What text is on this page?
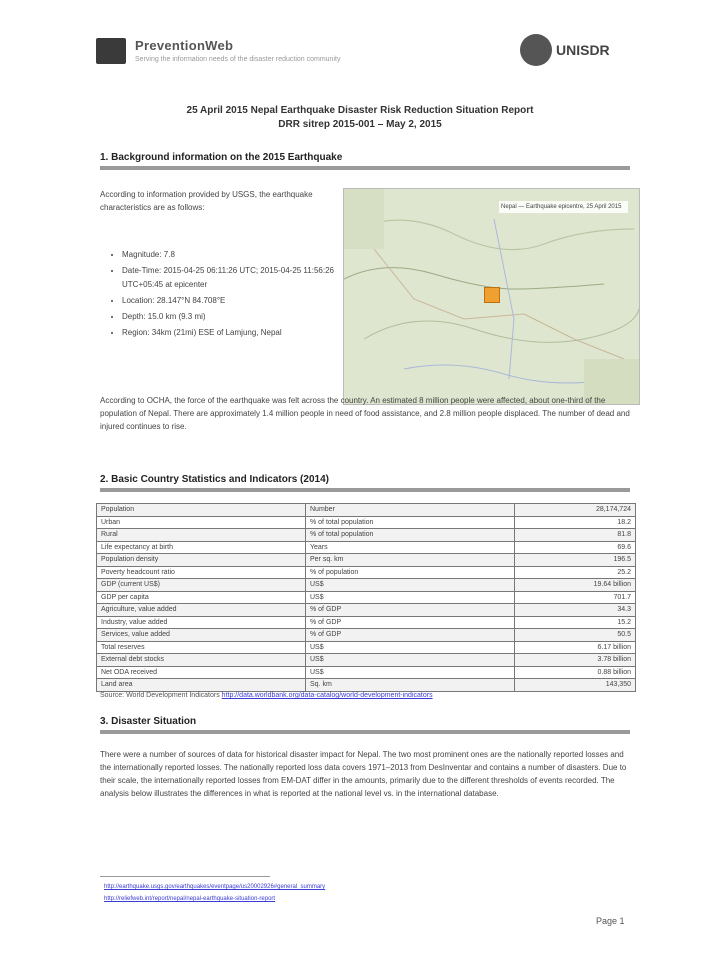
PreventionWeb
Serving the information needs of the disaster reduction community
UNISDR
25 April 2015 Nepal Earthquake Disaster Risk Reduction Situation Report
DRR sitrep 2015-001 – May 2, 2015
1. Background information on the 2015 Earthquake
According to information provided by USGS, the earthquake characteristics are as follows:
• Magnitude: 7.8
• Date-Time: 2015-04-25 06:11:26 UTC; 2015-04-25 11:56:26 UTC+05:45 at epicenter
• Location: 28.147°N 84.708°E
• Depth: 15.0 km (9.3 mi)
• Region: 34km (21mi) ESE of Lamjung, Nepal
Nepal — Earthquake epicentre, 25 April 2015
According to OCHA, the force of the earthquake was felt across the country. An estimated 8 million people were affected, about one-third of the population of Nepal. There are approximately 1.4 million people in need of food assistance, and 2.8 million people displaced. The number of dead and injured continues to rise.
2. Basic Country Statistics and Indicators (2014)
Population	Number	28,174,724
Urban	% of total population	18.2
Rural	% of total population	81.8
Life expectancy at birth	Years	69.6
Population density	Per sq. km	196.5
Poverty headcount ratio	% of population	25.2
GDP (current US$)	US$	19.64 billion
GDP per capita	US$	701.7
Agriculture, value added	% of GDP	34.3
Industry, value added	% of GDP	15.2
Services, value added	% of GDP	50.5
Total reserves	US$	6.17 billion
External debt stocks	US$	3.78 billion
Net ODA received	US$	0.88 billion
Land area	Sq. km	143,350
Source: World Development Indicators http://data.worldbank.org/data-catalog/world-development-indicators
3. Disaster Situation
There were a number of sources of data for historical disaster impact for Nepal. The two most prominent ones are the nationally reported losses and the internationally reported losses. The nationally reported loss data covers 1971–2013 from DesInventar and contains a number of disasters. Due to their scale, the internationally reported losses from EM-DAT differ in the amounts, primarily due to the different thresholds of events recorded. The analysis below illustrates the differences in what is reported at the national level vs. in the international database.
http://earthquake.usgs.gov/earthquakes/eventpage/us20002926#general_summary
http://reliefweb.int/report/nepal/nepal-earthquake-situation-report
Page 1
